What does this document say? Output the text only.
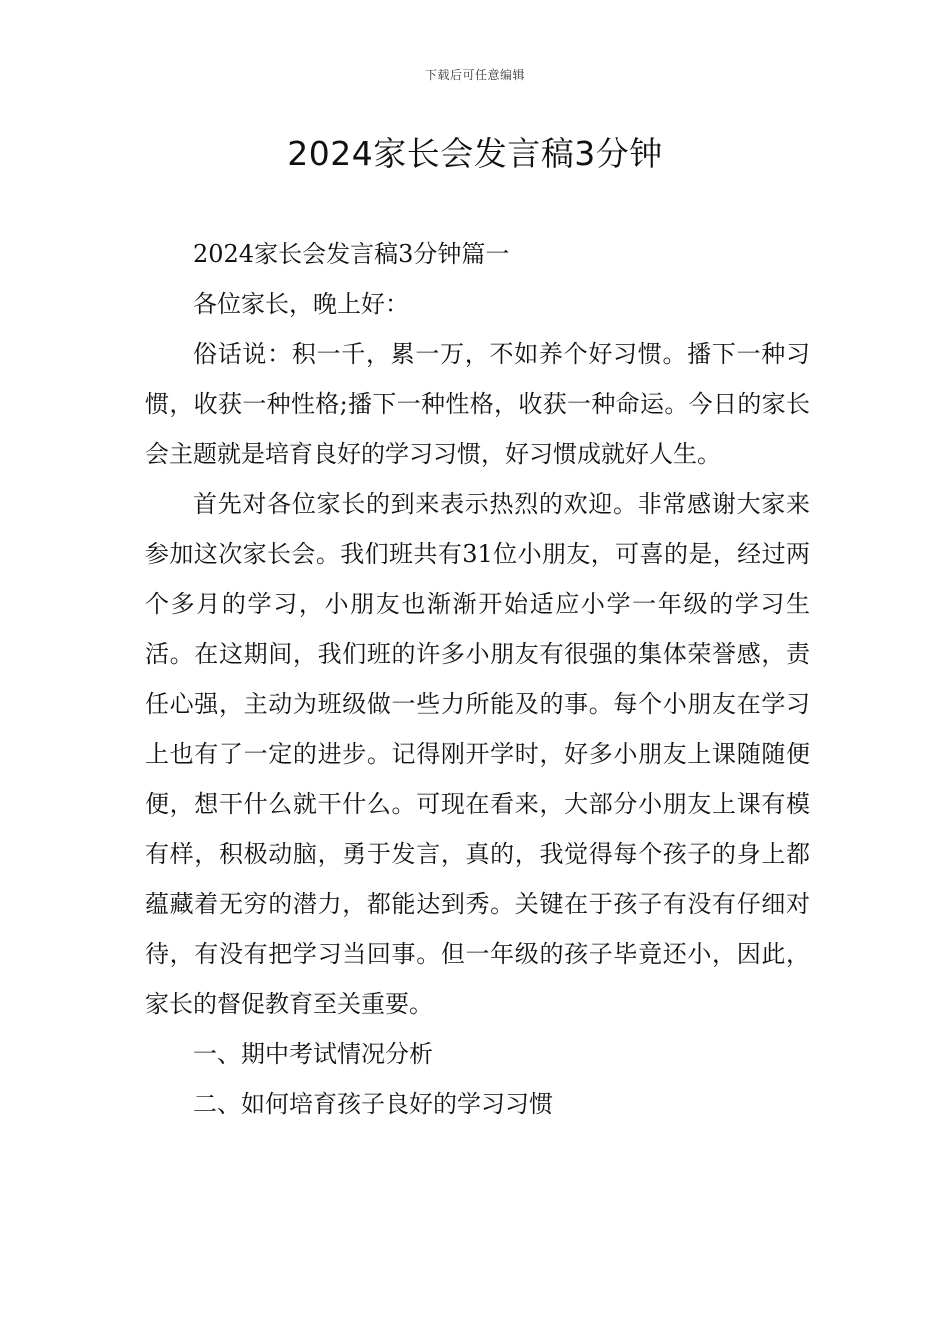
下载后可任意编辑
2024家长会发言稿3分钟

2024家长会发言稿3分钟篇一

各位家长，晚上好：

俗话说：积一千，累一万，不如养个好习惯。播下一种习惯，收获一种性格;播下一种性格，收获一种命运。今日的家长会主题就是培育良好的学习习惯，好习惯成就好人生。

首先对各位家长的到来表示热烈的欢迎。非常感谢大家来参加这次家长会。我们班共有31位小朋友，可喜的是，经过两个多月的学习，小朋友也渐渐开始适应小学一年级的学习生活。在这期间，我们班的许多小朋友有很强的集体荣誉感，责任心强，主动为班级做一些力所能及的事。每个小朋友在学习上也有了一定的进步。记得刚开学时，好多小朋友上课随随便便，想干什么就干什么。可现在看来，大部分小朋友上课有模有样，积极动脑，勇于发言，真的，我觉得每个孩子的身上都蕴藏着无穷的潜力，都能达到秀。关键在于孩子有没有仔细对待，有没有把学习当回事。但一年级的孩子毕竟还小，因此，家长的督促教育至关重要。

一、期中考试情况分析

二、如何培育孩子良好的学习习惯
